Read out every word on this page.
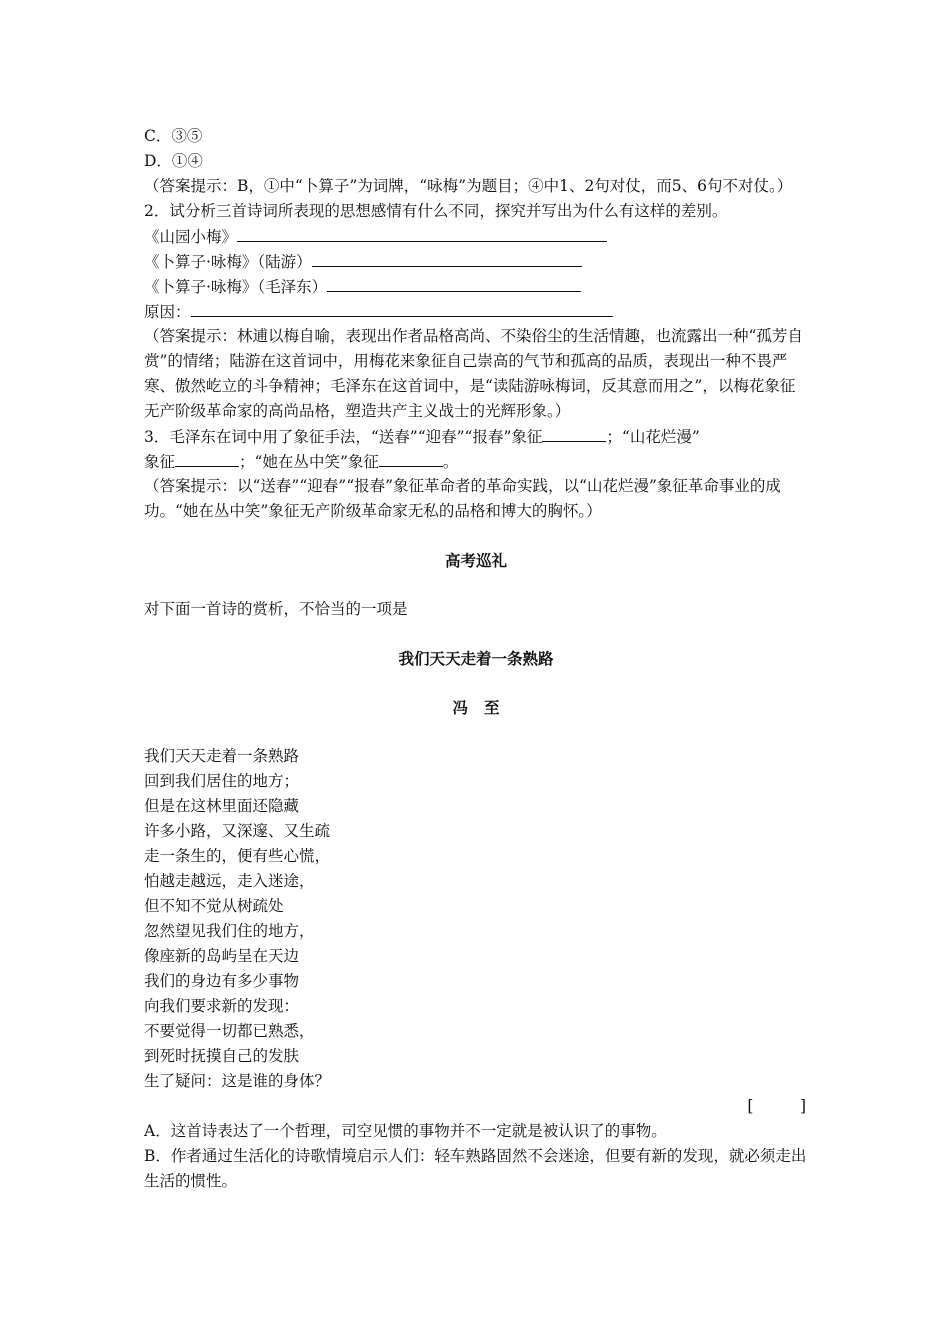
C．③⑤
D．①④
（答案提示：B，①中“卜算子”为词牌，“咏梅”为题目；④中1、2句对仗，而5、6句不对仗。）
2．试分析三首诗词所表现的思想感情有什么不同，探究并写出为什么有这样的差别。
《山园小梅》
《卜算子·咏梅》（陆游）
《卜算子·咏梅》（毛泽东）
原因：
（答案提示：林逋以梅自喻，表现出作者品格高尚、不染俗尘的生活情趣，也流露出一种“孤芳自赏”的情绪；陆游在这首词中，用梅花来象征自己崇高的气节和孤高的品质，表现出一种不畏严寒、傲然屹立的斗争精神；毛泽东在这首词中，是“读陆游咏梅词，反其意而用之”，以梅花象征无产阶级革命家的高尚品格，塑造共产主义战士的光辉形象。）
3．毛泽东在词中用了象征手法，“送春”“迎春”“报春”象征	；“山花烂漫”
象征	；“她在丛中笑”象征	。
（答案提示：以“送春”“迎春”“报春”象征革命者的革命实践，以“山花烂漫”象征革命事业的成功。“她在丛中笑”象征无产阶级革命家无私的品格和博大的胸怀。）
高考巡礼
对下面一首诗的赏析，不恰当的一项是
我们天天走着一条熟路
冯至
我们天天走着一条熟路
回到我们居住的地方；
但是在这林里面还隐藏
许多小路，又深邃、又生疏
走一条生的，便有些心慌，
怕越走越远，走入迷途，
但不知不觉从树疏处
忽然望见我们住的地方，
像座新的岛屿呈在天边
我们的身边有多少事物
向我们要求新的发现：
不要觉得一切都已熟悉，
到死时抚摸自己的发肤
生了疑问：这是谁的身体？
[　　　]
A．这首诗表达了一个哲理，司空见惯的事物并不一定就是被认识了的事物。
B．作者通过生活化的诗歌情境启示人们：轻车熟路固然不会迷途，但要有新的发现，就必须走出生活的惯性。
